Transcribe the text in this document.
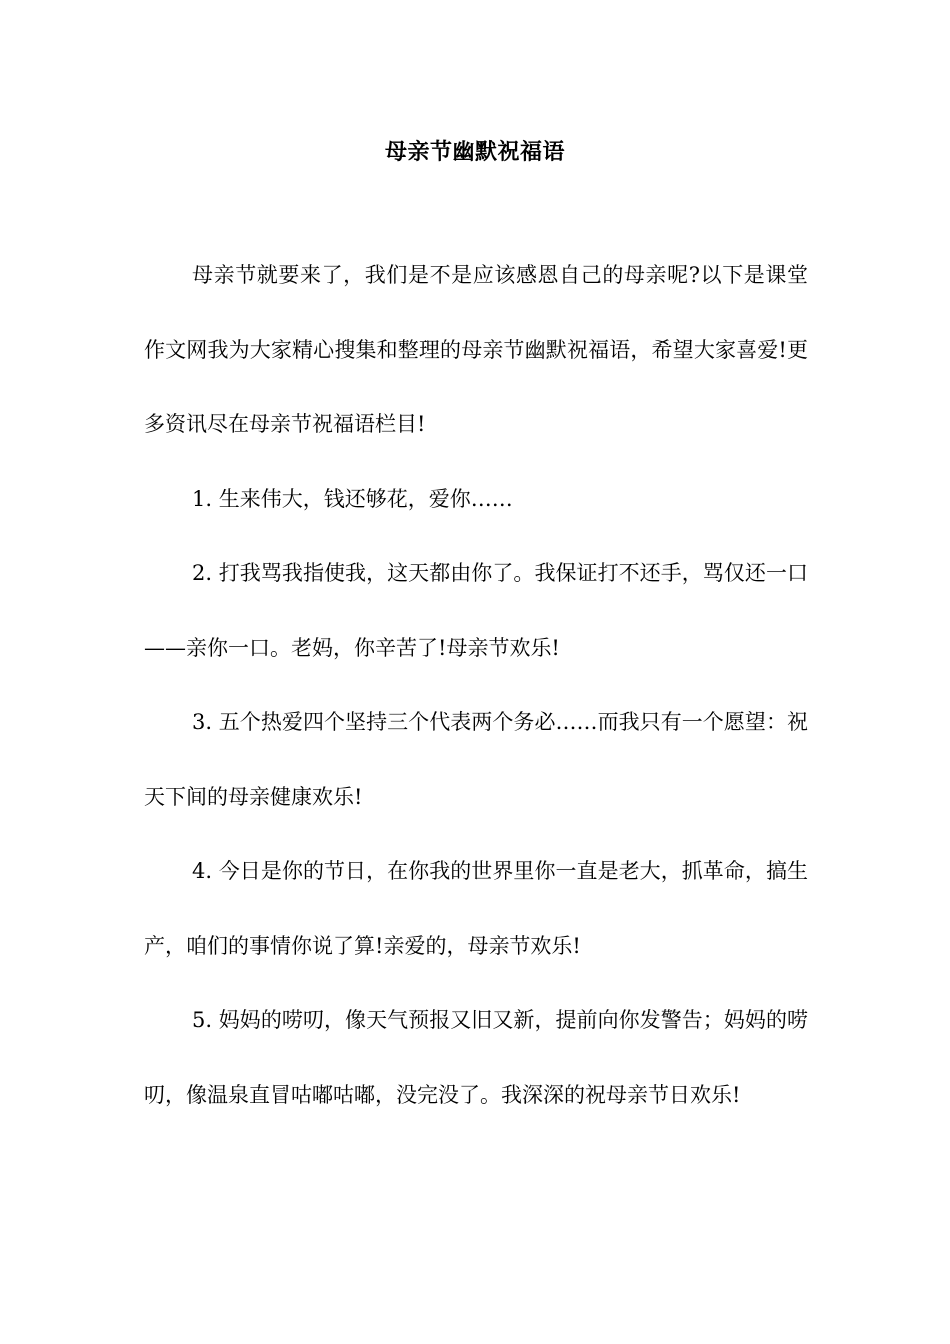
母亲节幽默祝福语

母亲节就要来了，我们是不是应该感恩自己的母亲呢?以下是课堂作文网我为大家精心搜集和整理的母亲节幽默祝福语，希望大家喜爱!更多资讯尽在母亲节祝福语栏目!

1. 生来伟大，钱还够花，爱你……

2. 打我骂我指使我，这天都由你了。我保证打不还手，骂仅还一口——亲你一口。老妈，你辛苦了!母亲节欢乐!

3. 五个热爱四个坚持三个代表两个务必……而我只有一个愿望：祝天下间的母亲健康欢乐!

4. 今日是你的节日，在你我的世界里你一直是老大，抓革命，搞生产，咱们的事情你说了算!亲爱的，母亲节欢乐!

5. 妈妈的唠叨，像天气预报又旧又新，提前向你发警告；妈妈的唠叨，像温泉直冒咕嘟咕嘟，没完没了。我深深的祝母亲节日欢乐!
